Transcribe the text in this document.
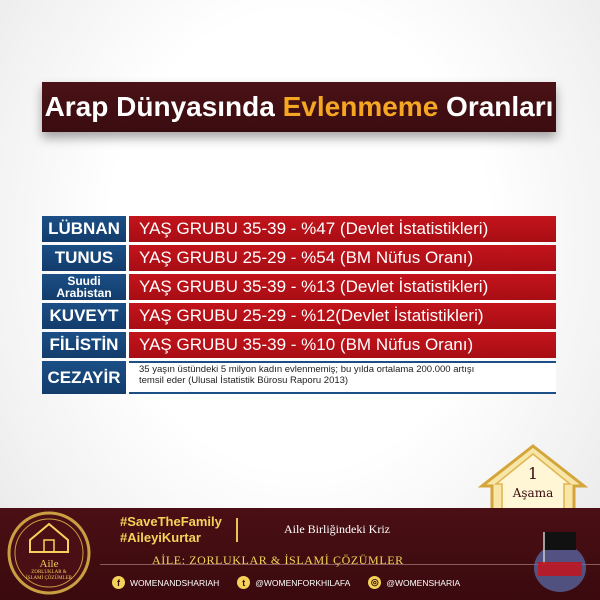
Arap Dünyasında Evlenmeme Oranları
LÜBNAN	YAŞ GRUBU 35-39 - %47 (Devlet İstatistikleri)
TUNUS	YAŞ GRUBU 25-29 - %54 (BM Nüfus Oranı)
Suudi
Arabistan	YAŞ GRUBU 35-39 - %13 (Devlet İstatistikleri)
KUVEYT	YAŞ GRUBU 25-29 - %12(Devlet İstatistikleri)
FİLİSTİN	YAŞ GRUBU 35-39 - %10 (BM Nüfus Oranı)
CEZAYİR	35 yaşın üstündeki 5 milyon kadın evlenmemiş; bu yılda ortalama 200.000 artışı temsil eder (Ulusal İstatistik Bürosu Raporu 2013)
1
Aşama
Aile
ZORLUKLAR &
İSLAMİ ÇÖZÜMLER
#SaveTheFamily
#AileyiKurtar
Aile Birliğindeki Kriz
AİLE: ZORLUKLAR & İSLAMİ ÇÖZÜMLER
f	WOMENANDSHARIAH	t	@WOMENFORKHILAFA ◎ @WOMENSHARIA
